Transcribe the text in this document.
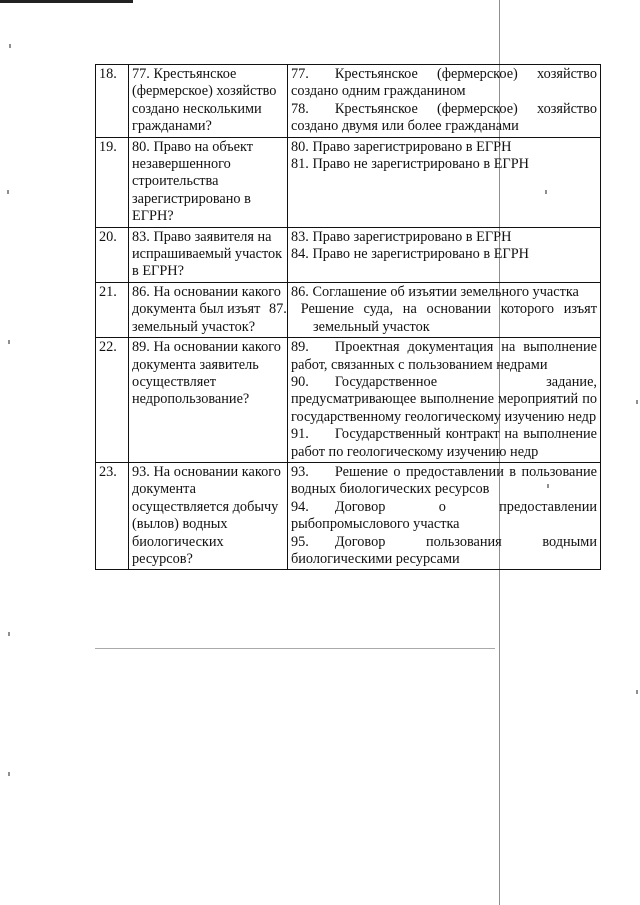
18.	77. Крестьянское (фермерское) хозяйство создано несколькими гражданами?	77. Крестьянское (фермерское) хозяйство создано одним гражданином
78. Крестьянское (фермерское) хозяйство создано двумя или более гражданами

19.	80. Право на объект незавершенного строительства зарегистрировано в ЕГРН?	80. Право зарегистрировано в ЕГРН
81. Право не зарегистрировано в ЕГРН

20.	83. Право заявителя на испрашиваемый участок в ЕГРН?	83. Право зарегистрировано в ЕГРН
84. Право не зарегистрировано в ЕГРН

21.	86. На основании какого документа был изъят земельный участок?	86. Соглашение об изъятии земельного участка
87. Решение суда, на основании которого изъят земельный участок

22.	89. На основании какого документа заявитель осуществляет недропользование?	89. Проектная документация на выполнение работ, связанных с пользованием недрами
90. Государственное задание, предусматривающее выполнение мероприятий по государственному геологическому изучению недр
91. Государственный контракт на выполнение работ по геологическому изучению недр

23.	93. На основании какого документа осуществляется добычу (вылов) водных биологических ресурсов?	93. Решение о предоставлении в пользование водных биологических ресурсов
94. Договор о предоставлении рыбопромыслового участка
95. Договор пользования водными биологическими ресурсами
